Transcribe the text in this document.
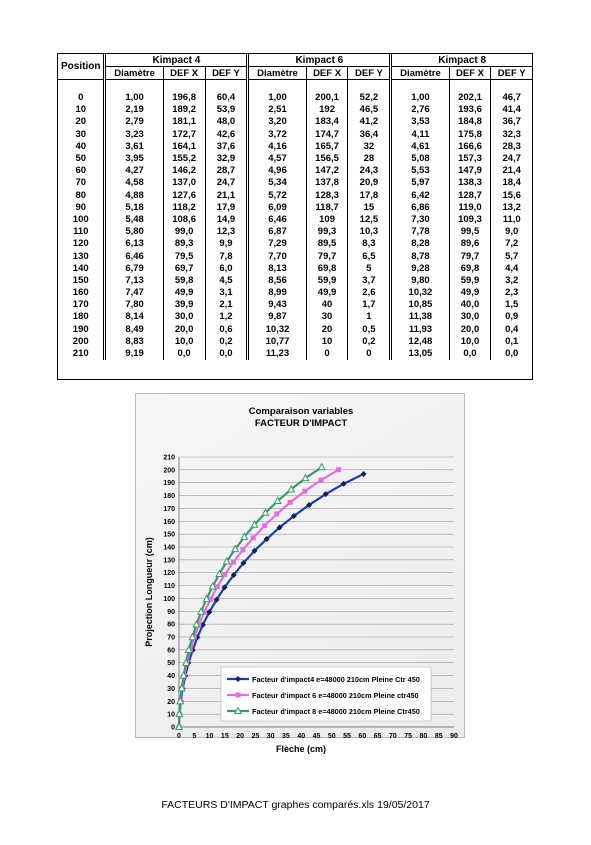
Position	Kimpact 4			Kimpact 6			Kimpact 8		
	Diamètre	DEF X	DEF Y	Diamètre	DEF X	DEF Y	Diamètre	DEF X	DEF Y

0	1,00	196,8	60,4	1,00	200,1	52,2	1,00	202,1	46,7
10	2,19	189,2	53,9	2,51	192	46,5	2,76	193,6	41,4
20	2,79	181,1	48,0	3,20	183,4	41,2	3,53	184,8	36,7
30	3,23	172,7	42,6	3,72	174,7	36,4	4,11	175,8	32,3
40	3,61	164,1	37,6	4,16	165,7	32	4,61	166,6	28,3
50	3,95	155,2	32,9	4,57	156,5	28	5,08	157,3	24,7
60	4,27	146,2	28,7	4,96	147,2	24,3	5,53	147,9	21,4
70	4,58	137,0	24,7	5,34	137,8	20,9	5,97	138,3	18,4
80	4,88	127,6	21,1	5,72	128,3	17,8	6,42	128,7	15,6
90	5,18	118,2	17,9	6,09	118,7	15	6,86	119,0	13,2
100	5,48	108,6	14,9	6,46	109	12,5	7,30	109,3	11,0
110	5,80	99,0	12,3	6,87	99,3	10,3	7,78	99,5	9,0
120	6,13	89,3	9,9	7,29	89,5	8,3	8,28	89,6	7,2
130	6,46	79,5	7,8	7,70	79,7	6,5	8,78	79,7	5,7
140	6,79	69,7	6,0	8,13	69,8	5	9,28	69,8	4,4
150	7,13	59,8	4,5	8,56	59,9	3,7	9,80	59,9	3,2
160	7,47	49,9	3,1	8,99	49,9	2,6	10,32	49,9	2,3
170	7,80	39,9	2,1	9,43	40	1,7	10,85	40,0	1,5
180	8,14	30,0	1,2	9,87	30	1	11,38	30,0	0,9
190	8,49	20,0	0,6	10,32	20	0,5	11,93	20,0	0,4
200	8,83	10,0	0,2	10,77	10	0,2	12,48	10,0	0,1
210	9,19	0,0	0,0	11,23	0	0	13,05	0,0	0,0
Comparaison variables
FACTEUR D'IMPACT
0
10
20
30
40
50
60
70
80
90
100
110
120
130
140
150
160
170
180
190
200
210
0 5 10 15 20 25 30 35 40 45 50 55 60 65 70 75 80 85 90
Flèche (cm)
Projection Longueur (cm)
Facteur d'impact4 e=48000 210cm Pleine Ctr 450
Facteur d'impact 6 e=48000 210cm Pleine ctr450
Facteur d'impact 8 e=48000 210cm Pleine Ctr450
FACTEURS D'IMPACT graphes comparés.xls 19/05/2017
